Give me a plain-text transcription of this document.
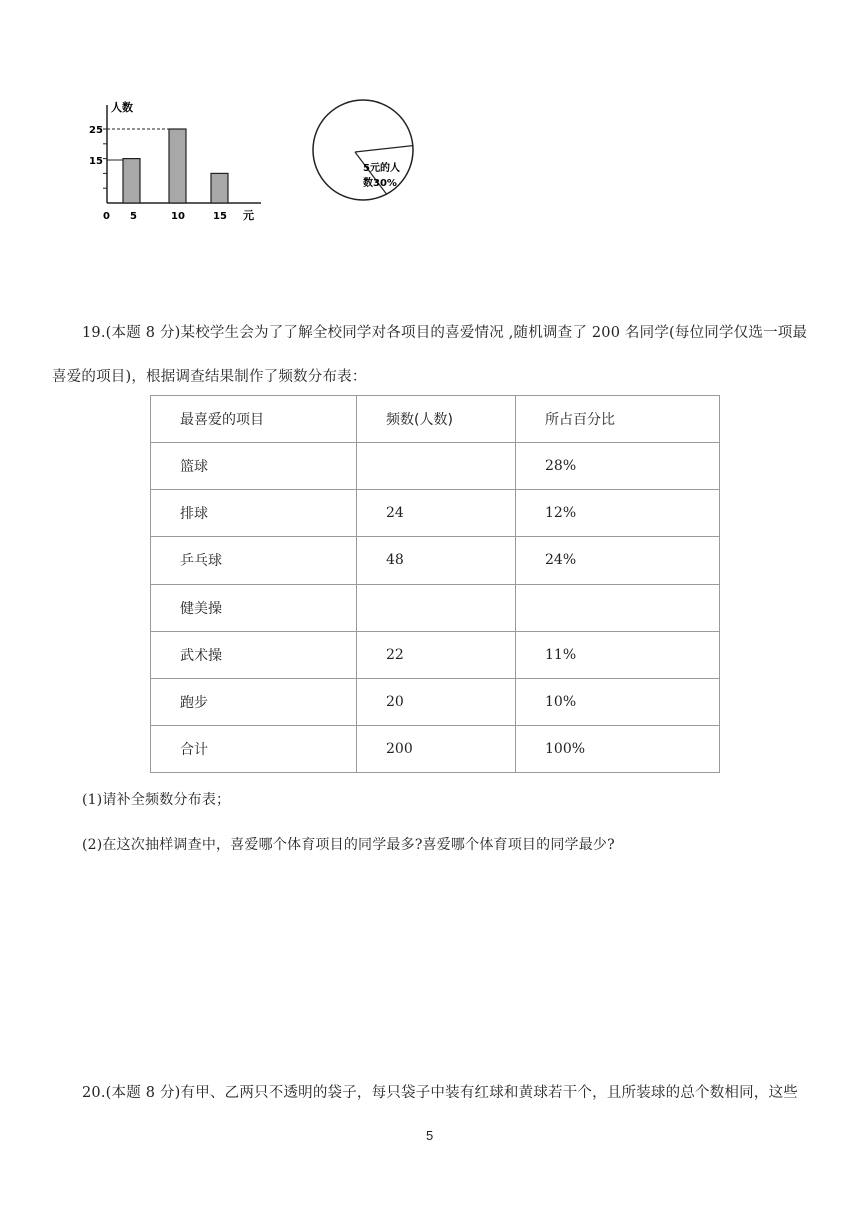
人数
25
15
0 5	10	15 元
5元的人
数30%
19.(本题 8 分)某校学生会为了了解全校同学对各项目的喜爱情况 ,随机调查了 200 名同学(每位同学仅选一项最
喜爱的项目)，根据调查结果制作了频数分布表：
最喜爱的项目	频数(人数)	所占百分比
篮球		28%
排球	24	12%
乒乓球	48	24%
健美操		
武术操	22	11%
跑步	20	10%
合计	200	100%
(1)请补全频数分布表；
(2)在这次抽样调查中，喜爱哪个体育项目的同学最多?喜爱哪个体育项目的同学最少?
20.(本题 8 分)有甲、乙两只不透明的袋子，每只袋子中装有红球和黄球若干个，且所装球的总个数相同，这些
5
